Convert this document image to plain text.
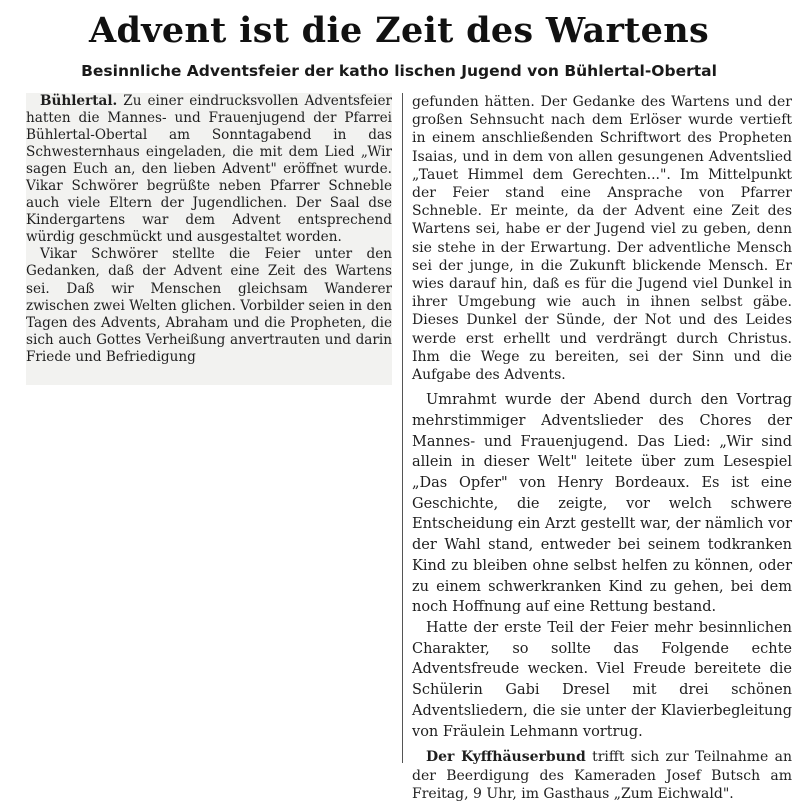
Advent ist die Zeit des Wartens
Besinnliche Adventsfeier der katho lischen Jugend von Bühlertal-Obertal

Bühlertal. Zu einer eindrucksvollen Adventsfeier hatten die Mannes- und Frauenjugend der Pfarrei Bühlertal-Obertal am Sonntagabend in das Schwesternhaus eingeladen, die mit dem Lied „Wir sagen Euch an, den lieben Advent" eröffnet wurde. Vikar Schwörer begrüßte neben Pfarrer Schneble auch viele Eltern der Jugendlichen. Der Saal dse Kindergartens war dem Advent entsprechend würdig geschmückt und ausgestaltet worden.

Vikar Schwörer stellte die Feier unter den Gedanken, daß der Advent eine Zeit des Wartens sei. Daß wir Menschen gleichsam Wanderer zwischen zwei Welten glichen. Vorbilder seien in den Tagen des Advents, Abraham und die Propheten, die sich auch Gottes Verheißung anvertrauten und darin Friede und Befriedigung

gefunden hätten. Der Gedanke des Wartens und der großen Sehnsucht nach dem Erlöser wurde vertieft in einem anschließenden Schriftwort des Propheten Isaias, und in dem von allen gesungenen Adventslied „Tauet Himmel dem Gerechten...". Im Mittelpunkt der Feier stand eine Ansprache von Pfarrer Schneble. Er meinte, da der Advent eine Zeit des Wartens sei, habe er der Jugend viel zu geben, denn sie stehe in der Erwartung. Der adventliche Mensch sei der junge, in die Zukunft blickende Mensch. Er wies darauf hin, daß es für die Jugend viel Dunkel in ihrer Umgebung wie auch in ihnen selbst gäbe. Dieses Dunkel der Sünde, der Not und des Leides werde erst erhellt und verdrängt durch Christus. Ihm die Wege zu bereiten, sei der Sinn und die Aufgabe des Advents.

Umrahmt wurde der Abend durch den Vortrag mehrstimmiger Adventslieder des Chores der Mannes- und Frauenjugend. Das Lied: „Wir sind allein in dieser Welt" leitete über zum Lesespiel „Das Opfer" von Henry Bordeaux. Es ist eine Geschichte, die zeigte, vor welch schwere Entscheidung ein Arzt gestellt war, der nämlich vor der Wahl stand, entweder bei seinem todkranken Kind zu bleiben ohne selbst helfen zu können, oder zu einem schwerkranken Kind zu gehen, bei dem noch Hoffnung auf eine Rettung bestand.

Hatte der erste Teil der Feier mehr besinnlichen Charakter, so sollte das Folgende echte Adventsfreude wecken. Viel Freude bereitete die Schülerin Gabi Dresel mit drei schönen Adventsliedern, die sie unter der Klavierbegleitung von Fräulein Lehmann vortrug.

Der Kyffhäuserbund trifft sich zur Teilnahme an der Beerdigung des Kameraden Josef Butsch am Freitag, 9 Uhr, im Gasthaus „Zum Eichwald".
